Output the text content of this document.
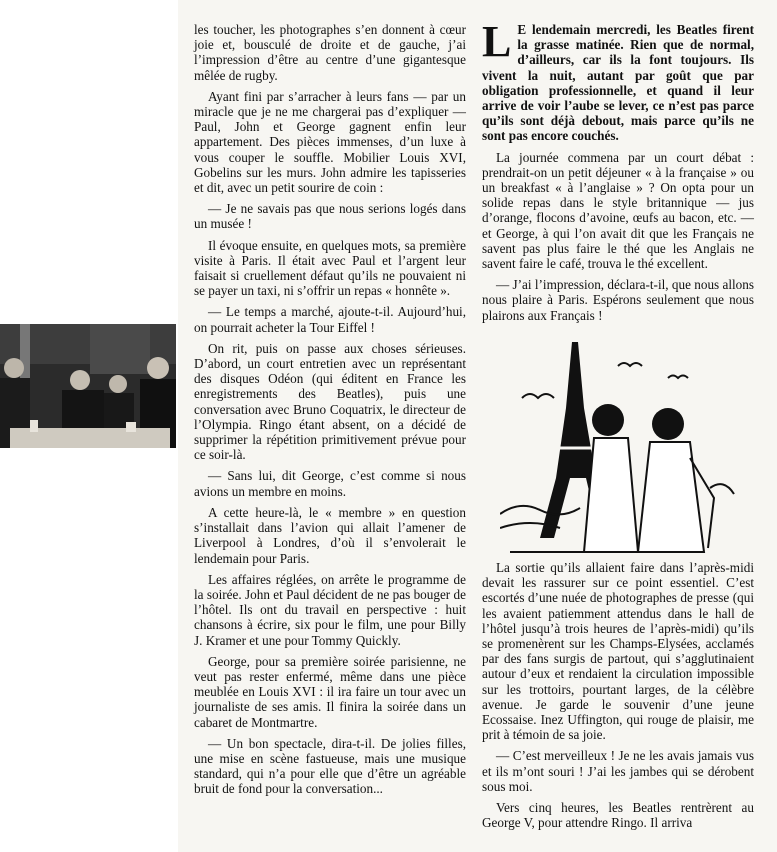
les toucher, les photographes s’en donnent à cœur joie et, bousculé de droite et de gauche, j’ai l’impression d’être au centre d’une gigantesque mêlée de rugby.

Ayant fini par s’arracher à leurs fans — par un miracle que je ne me chargerai pas d’expliquer — Paul, John et George gagnent enfin leur appartement. Des pièces immenses, d’un luxe à vous couper le souffle. Mobilier Louis XVI, Gobelins sur les murs. John admire les tapisseries et dit, avec un petit sourire de coin :

— Je ne savais pas que nous serions logés dans un musée !

Il évoque ensuite, en quelques mots, sa première visite à Paris. Il était avec Paul et l’argent leur faisait si cruellement défaut qu’ils ne pouvaient ni se payer un taxi, ni s’offrir un repas « honnête ».

— Le temps a marché, ajoute-t-il. Aujourd’hui, on pourrait acheter la Tour Eiffel !

On rit, puis on passe aux choses sérieuses. D’abord, un court entretien avec un représentant des disques Odéon (qui éditent en France les enregistrements des Beatles), puis une conversation avec Bruno Coquatrix, le directeur de l’Olympia. Ringo étant absent, on a décidé de supprimer la répétition primitivement prévue pour ce soir-là.

— Sans lui, dit George, c’est comme si nous avions un membre en moins.

A cette heure-là, le « membre » en question s’installait dans l’avion qui allait l’amener de Liverpool à Londres, d’où il s’envolerait le lendemain pour Paris.

Les affaires réglées, on arrête le programme de la soirée. John et Paul décident de ne pas bouger de l’hôtel. Ils ont du travail en perspective : huit chansons à écrire, six pour le film, une pour Billy J. Kramer et une pour Tommy Quickly.

George, pour sa première soirée parisienne, ne veut pas rester enfermé, même dans une pièce meublée en Louis XVI : il ira faire un tour avec un journaliste de ses amis. Il finira la soirée dans un cabaret de Montmartre.

— Un bon spectacle, dira-t-il. De jolies filles, une mise en scène fastueuse, mais une musique standard, qui n’a pour elle que d’être un agréable bruit de fond pour la conversation...

L E lendemain mercredi, les Beatles firent la grasse matinée. Rien que de normal, d’ailleurs, car ils la font toujours. Ils vivent la nuit, autant par goût que par obligation professionnelle, et quand il leur arrive de voir l’aube se lever, ce n’est pas parce qu’ils sont déjà debout, mais parce qu’ils ne sont pas encore couchés.

La journée commena par un court débat : prendrait-on un petit déjeuner « à la française » ou un breakfast « à l’anglaise » ? On opta pour un solide repas dans le style britannique — jus d’orange, flocons d’avoine, œufs au bacon, etc. — et George, à qui l’on avait dit que les Français ne savent pas plus faire le thé que les Anglais ne savent faire le café, trouva le thé excellent.

— J’ai l’impression, déclara-t-il, que nous allons nous plaire à Paris. Espérons seulement que nous plairons aux Français !

La sortie qu’ils allaient faire dans l’après-midi devait les rassurer sur ce point essentiel. C’est escortés d’une nuée de photographes de presse (qui les avaient patiemment attendus dans le hall de l’hôtel jusqu’à trois heures de l’après-midi) qu’ils se promenèrent sur les Champs-Elysées, acclamés par des fans surgis de partout, qui s’agglutinaient autour d’eux et rendaient la circulation impossible sur les trottoirs, pourtant larges, de la célèbre avenue. Je garde le souvenir d’une jeune Ecossaise. Inez Uffington, qui rouge de plaisir, me prit à témoin de sa joie.

— C’est merveilleux ! Je ne les avais jamais vus et ils m’ont souri ! J’ai les jambes qui se dérobent sous moi.

Vers cinq heures, les Beatles rentrèrent au George V, pour attendre Ringo. Il arriva
